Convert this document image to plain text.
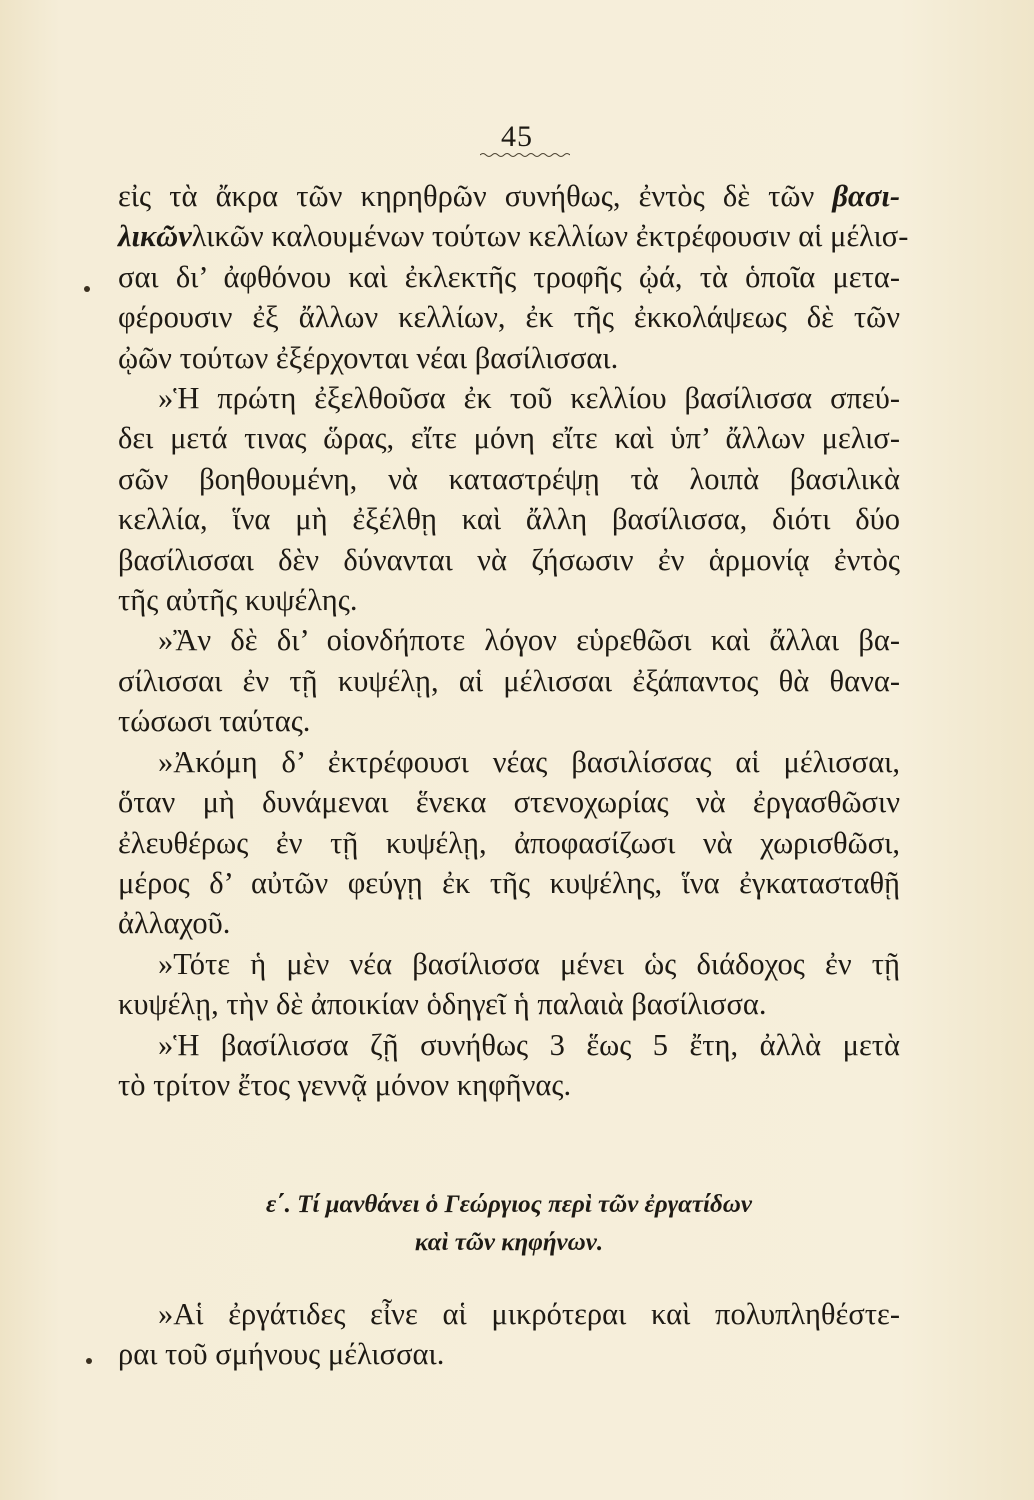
45
εἰς τὰ ἄκρα τῶν κηρηθρῶν συνήθως, ἐντὸς δὲ τῶν βασι-
λικῶνλικῶν καλουμένων τούτων κελλίων ἐκτρέφουσιν αἱ μέλισ-
σαι δι’ ἀφθόνου καὶ ἐκλεκτῆς τροφῆς ᾠά, τὰ ὁποῖα μετα-
φέρουσιν ἐξ ἄλλων κελλίων, ἐκ τῆς ἐκκολάψεως δὲ τῶν
ᾠῶν τούτων ἐξέρχονται νέαι βασίλισσαι.
»Ἡ πρώτη ἐξελθοῦσα ἐκ τοῦ κελλίου βασίλισσα σπεύ-
δει μετά τινας ὥρας, εἴτε μόνη εἴτε καὶ ὑπ’ ἄλλων μελισ-
σῶν βοηθουμένη, νὰ καταστρέψῃ τὰ λοιπὰ βασιλικὰ
κελλία, ἵνα μὴ ἐξέλθῃ καὶ ἄλλη βασίλισσα, διότι δύο
βασίλισσαι δὲν δύνανται νὰ ζήσωσιν ἐν ἁρμονίᾳ ἐντὸς
τῆς αὐτῆς κυψέλης.
»Ἂν δὲ δι’ οἱονδήποτε λόγον εὑρεθῶσι καὶ ἄλλαι βα-
σίλισσαι ἐν τῇ κυψέλῃ, αἱ μέλισσαι ἐξάπαντος θὰ θανα-
τώσωσι ταύτας.
»Ἀκόμη δ’ ἐκτρέφουσι νέας βασιλίσσας αἱ μέλισσαι,
ὅταν μὴ δυνάμεναι ἕνεκα στενοχωρίας νὰ ἐργασθῶσιν
ἐλευθέρως ἐν τῇ κυψέλῃ, ἀποφασίζωσι νὰ χωρισθῶσι,
μέρος δ’ αὐτῶν φεύγῃ ἐκ τῆς κυψέλης, ἵνα ἐγκατασταθῇ
ἀλλαχοῦ.
»Τότε ἡ μὲν νέα βασίλισσα μένει ὡς διάδοχος ἐν τῇ
κυψέλῃ, τὴν δὲ ἀποικίαν ὁδηγεῖ ἡ παλαιὰ βασίλισσα.
»Ἡ βασίλισσα ζῇ συνήθως 3 ἕως 5 ἔτη, ἀλλὰ μετὰ
τὸ τρίτον ἔτος γεννᾷ μόνον κηφῆνας.
ε΄. Τί μανθάνει ὁ Γεώργιος περὶ τῶν ἐργατίδων
καὶ τῶν κηφήνων.
»Αἱ ἐργάτιδες εἶνε αἱ μικρότεραι καὶ πολυπληθέστε-
ραι τοῦ σμήνους μέλισσαι.
